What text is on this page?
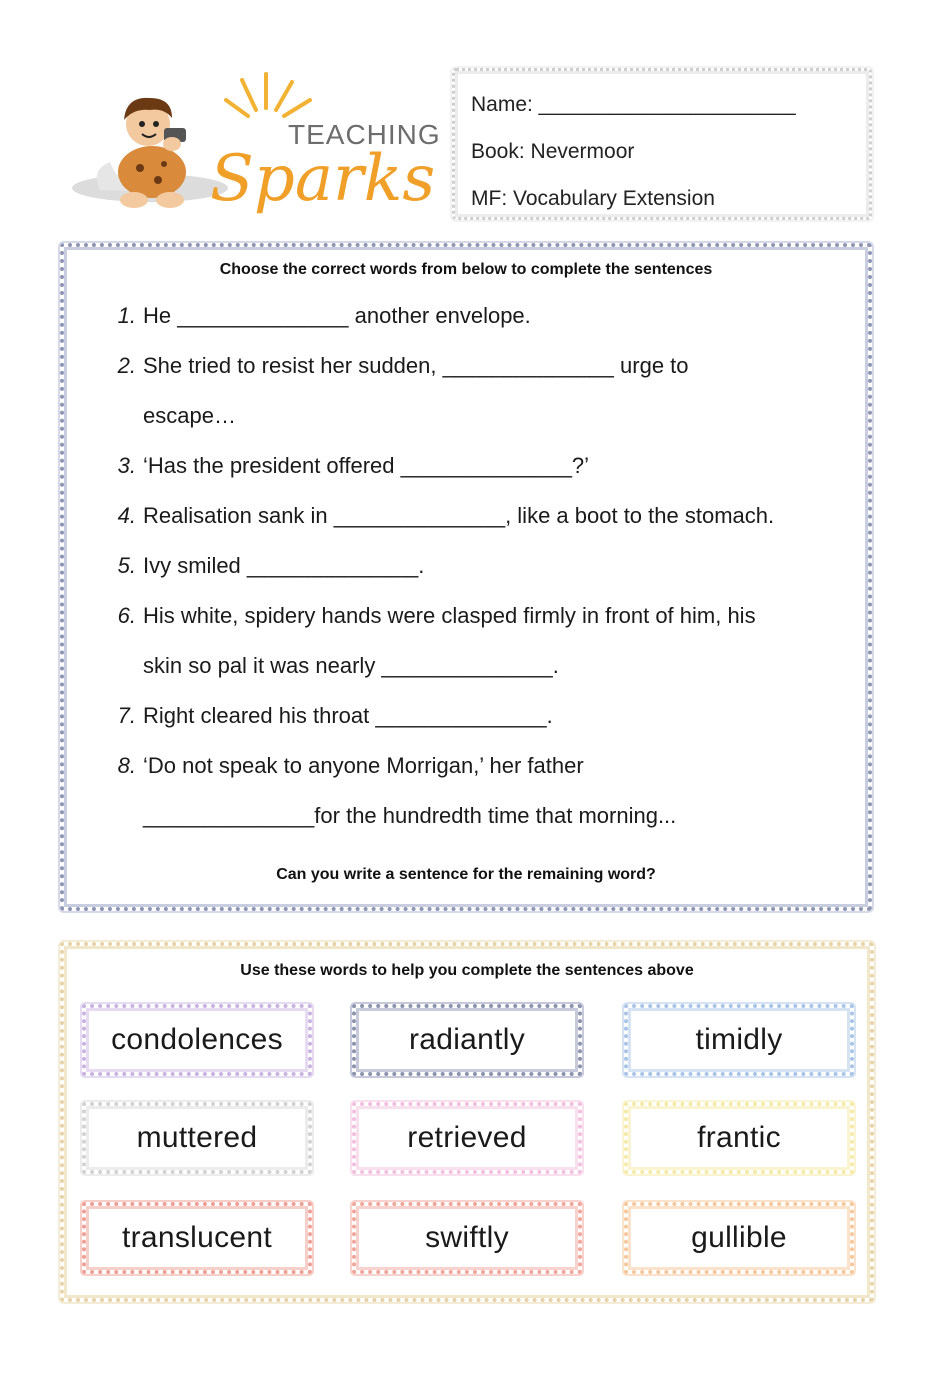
TEACHING
Sparks
Name: ______________________
Book: Nevermoor
MF: Vocabulary Extension
Choose the correct words from below to complete the sentences
1. He ______________ another envelope.
2. She tried to resist her sudden, ______________ urge to
escape…
3. ‘Has the president offered ______________?’
4. Realisation sank in ______________, like a boot to the stomach.
5. Ivy smiled ______________.
6. His white, spidery hands were clasped firmly in front of him, his
skin so pal it was nearly ______________.
7. Right cleared his throat ______________.
8. ‘Do not speak to anyone Morrigan,’ her father
______________for the hundredth time that morning...
Can you write a sentence for the remaining word?
Use these words to help you complete the sentences above
condolences	radiantly	timidly
muttered	retrieved	frantic
translucent	swiftly	gullible
